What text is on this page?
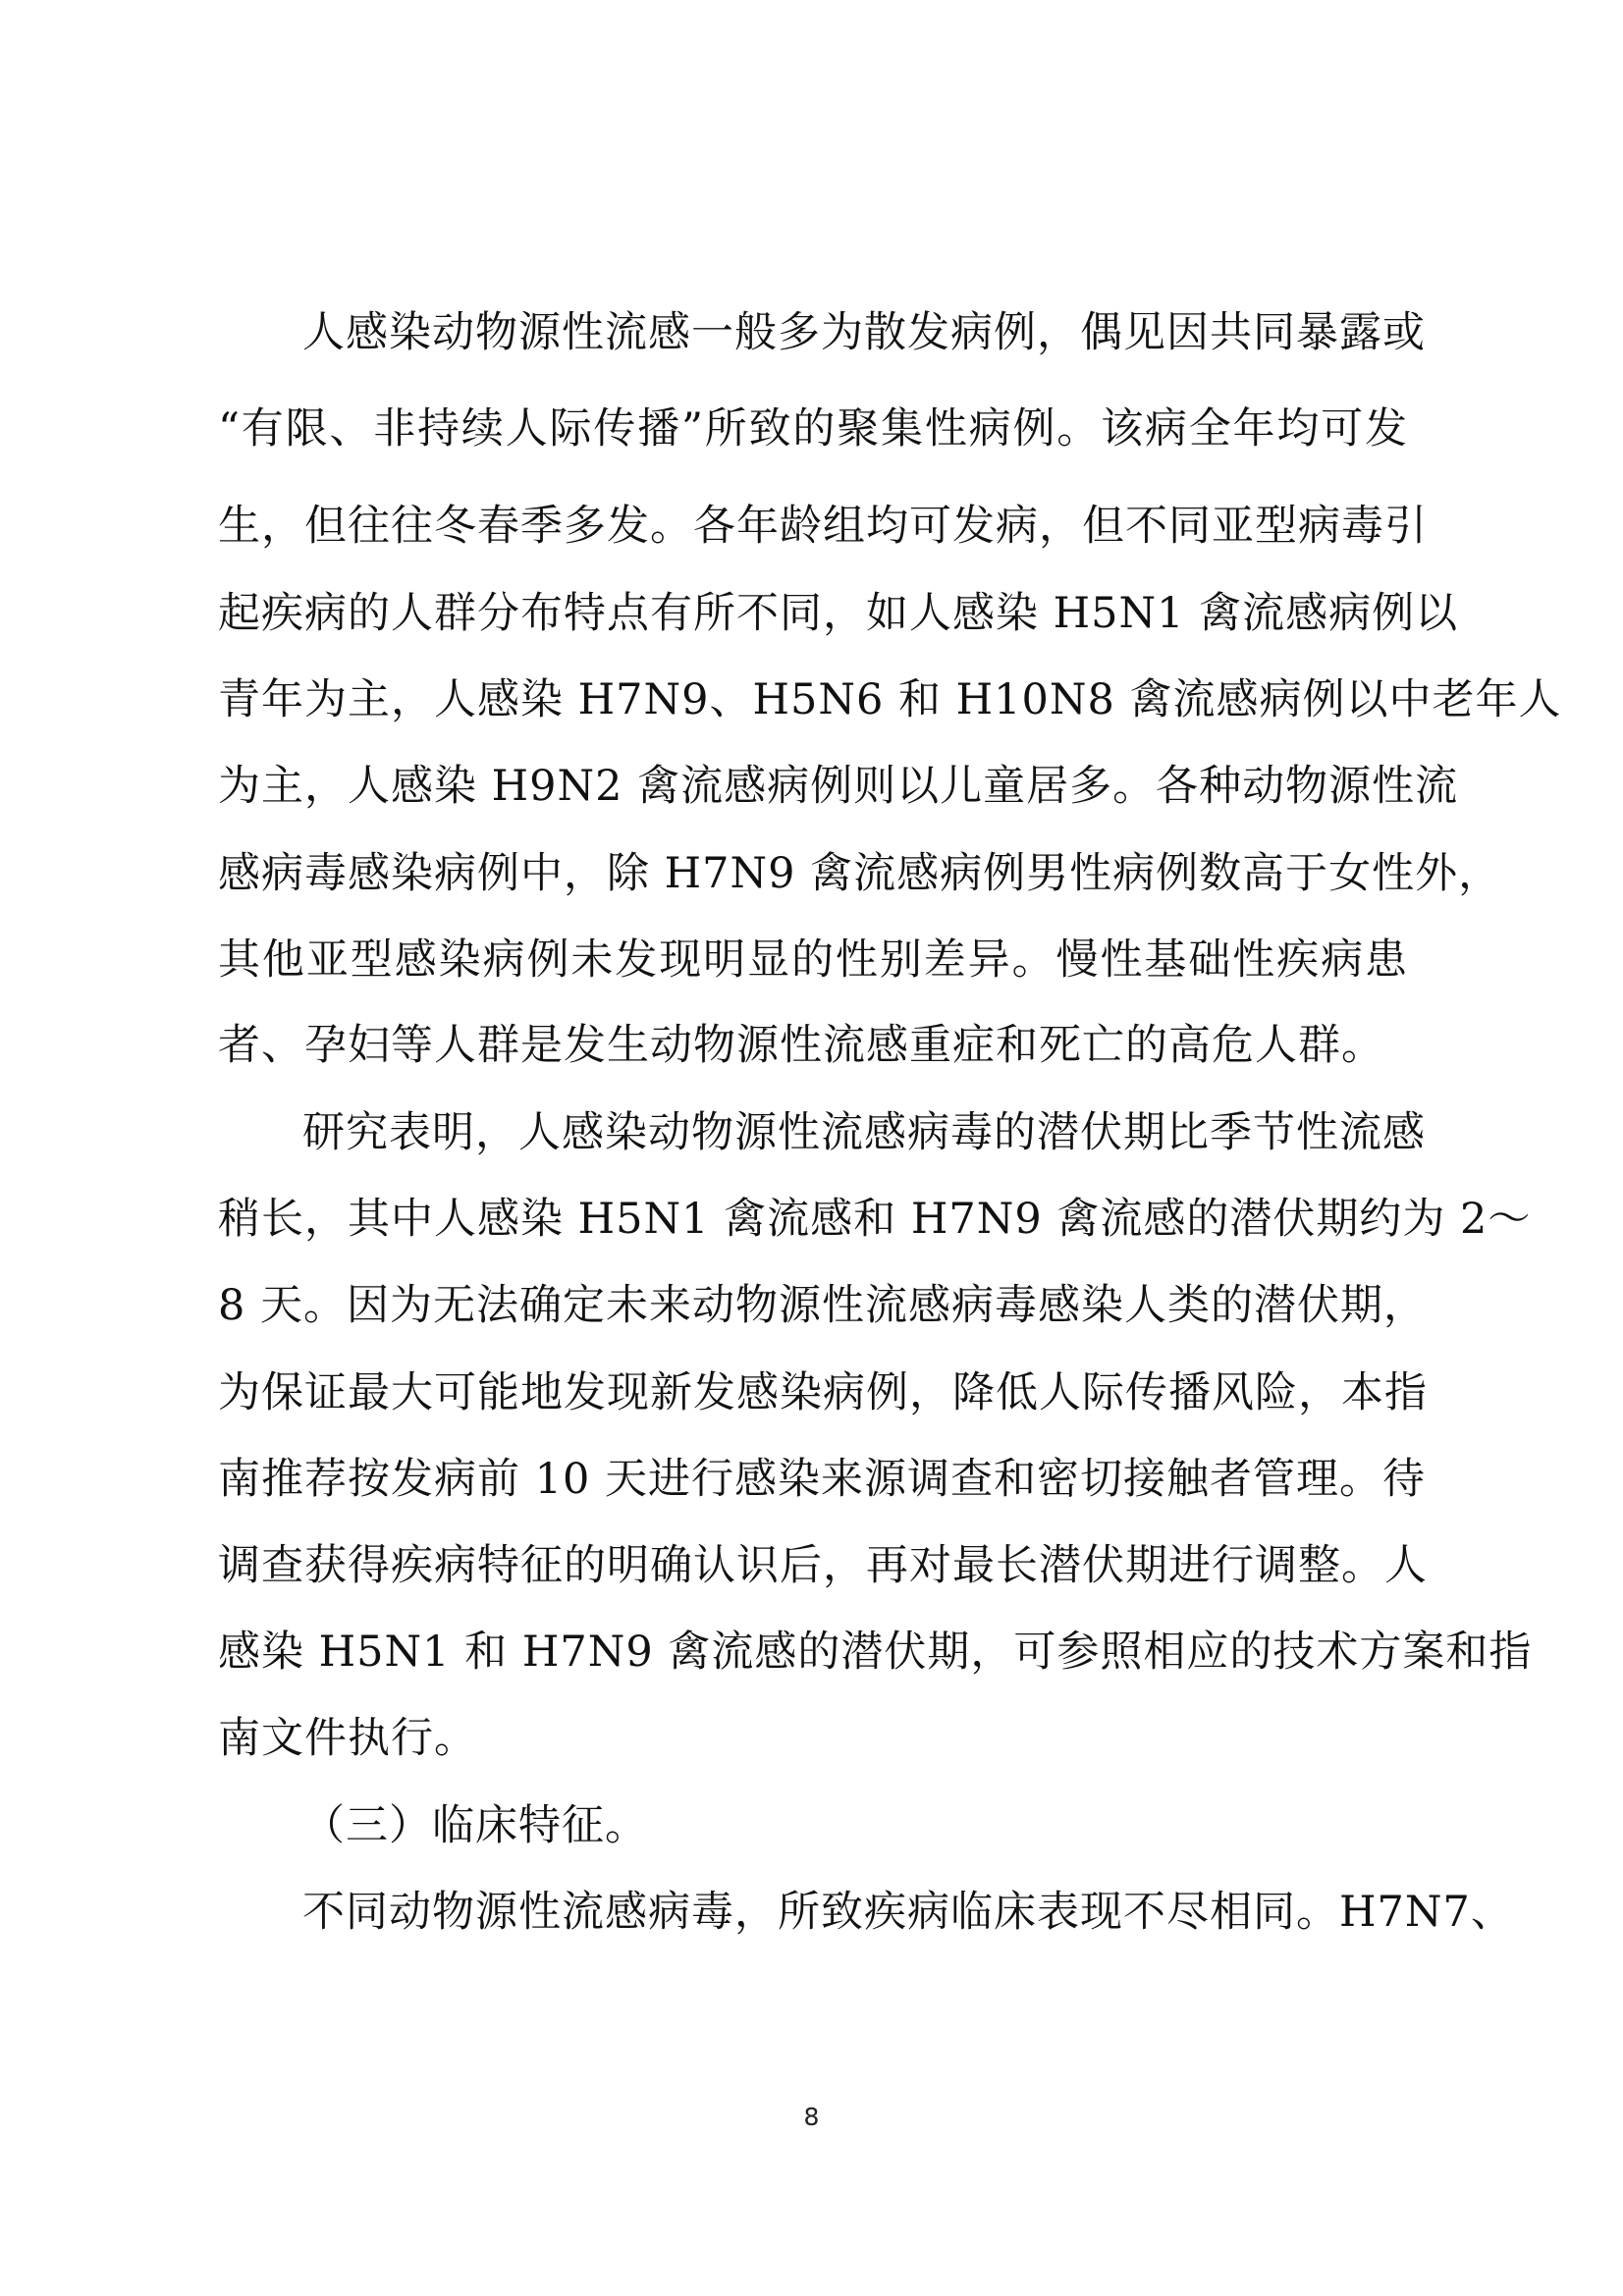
人感染动物源性流感一般多为散发病例，偶见因共同暴露或
“有限、非持续人际传播”所致的聚集性病例。该病全年均可发
生，但往往冬春季多发。各年龄组均可发病，但不同亚型病毒引
起疾病的人群分布特点有所不同，如人感染 H5N1 禽流感病例以
青年为主，人感染 H7N9、H5N6 和 H10N8 禽流感病例以中老年人
为主，人感染 H9N2 禽流感病例则以儿童居多。各种动物源性流
感病毒感染病例中，除 H7N9 禽流感病例男性病例数高于女性外，
其他亚型感染病例未发现明显的性别差异。慢性基础性疾病患
者、孕妇等人群是发生动物源性流感重症和死亡的高危人群。
研究表明，人感染动物源性流感病毒的潜伏期比季节性流感
稍长，其中人感染 H5N1 禽流感和 H7N9 禽流感的潜伏期约为 2～
8 天。因为无法确定未来动物源性流感病毒感染人类的潜伏期，
为保证最大可能地发现新发感染病例，降低人际传播风险，本指
南推荐按发病前 10 天进行感染来源调查和密切接触者管理。待
调查获得疾病特征的明确认识后，再对最长潜伏期进行调整。人
感染 H5N1 和 H7N9 禽流感的潜伏期，可参照相应的技术方案和指
南文件执行。
（三）临床特征。
不同动物源性流感病毒，所致疾病临床表现不尽相同。H7N7、
8
